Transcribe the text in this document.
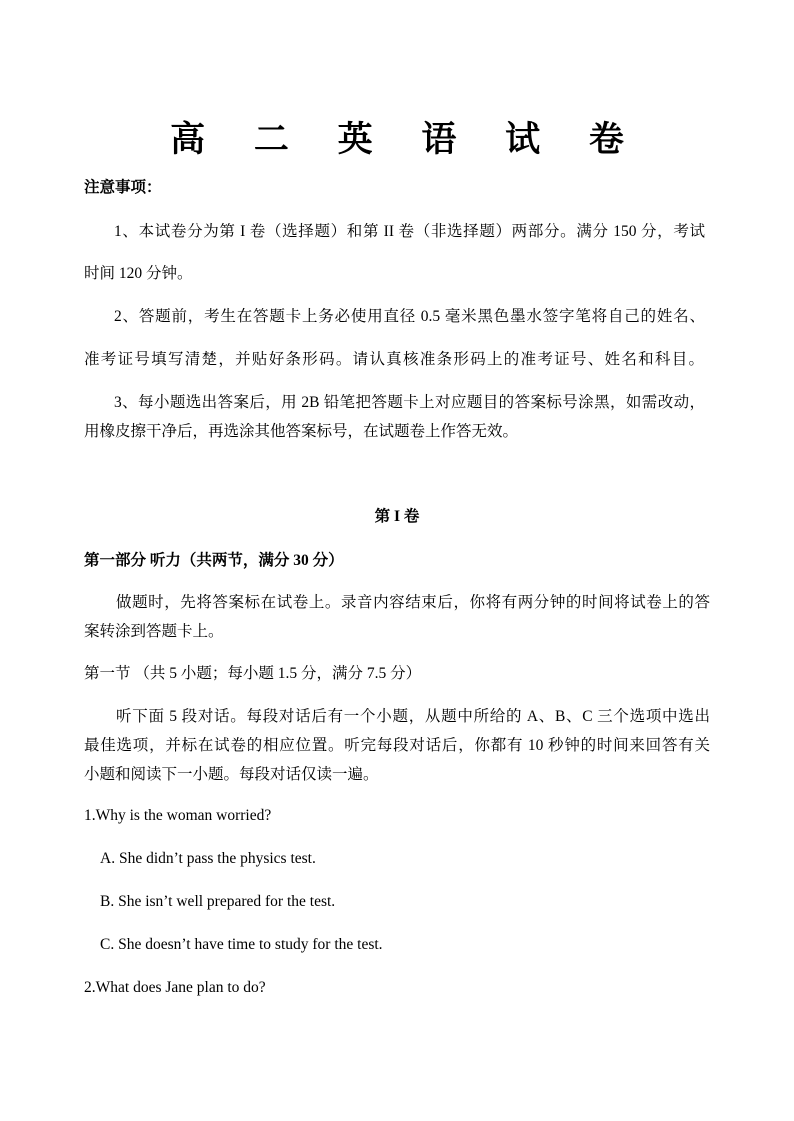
高 二 英 语 试 卷
注意事项：
1、本试卷分为第 I 卷（选择题）和第 II 卷（非选择题）两部分。满分 150 分，考试
时间 120 分钟。
2、答题前，考生在答题卡上务必使用直径 0.5 毫米黑色墨水签字笔将自己的姓名、
准考证号填写清楚，并贴好条形码。请认真核准条形码上的准考证号、姓名和科目。
3、每小题选出答案后，用 2B 铅笔把答题卡上对应题目的答案标号涂黑，如需改动，
用橡皮擦干净后，再选涂其他答案标号，在试题卷上作答无效。
第 I 卷
第一部分 听力（共两节，满分 30 分）
做题时，先将答案标在试卷上。录音内容结束后，你将有两分钟的时间将试卷上的答
案转涂到答题卡上。
第一节 （共 5 小题；每小题 1.5 分，满分 7.5 分）
听下面 5 段对话。每段对话后有一个小题，从题中所给的 A、B、C 三个选项中选出
最佳选项，并标在试卷的相应位置。听完每段对话后，你都有 10 秒钟的时间来回答有关
小题和阅读下一小题。每段对话仅读一遍。
1.Why is the woman worried?
A. She didn’t pass the physics test.
B. She isn’t well prepared for the test.
C. She doesn’t have time to study for the test.
2.What does Jane plan to do?
